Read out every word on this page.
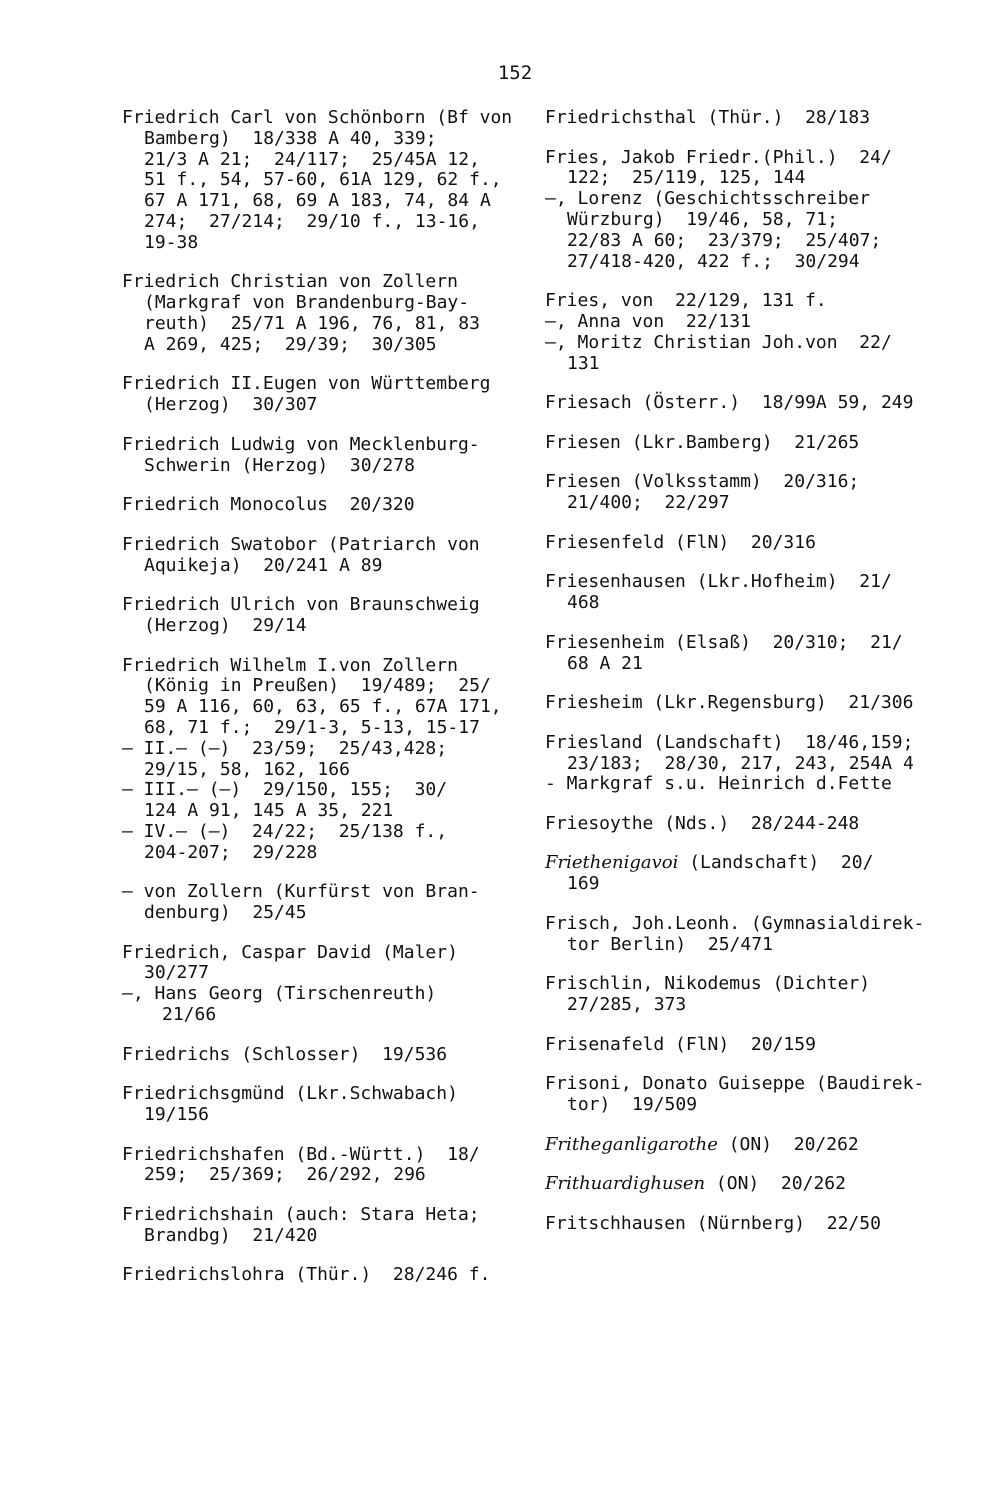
152
Friedrich Carl von Schönborn (Bf von
Bamberg)  18/338 A 40, 339;
21/3 A 21;  24/117;  25/45A 12,
51 f., 54, 57-60, 61A 129, 62 f.,
67 A 171, 68, 69 A 183, 74, 84 A
274;  27/214;  29/10 f., 13-16,
19-38
Friedrich Christian von Zollern
(Markgraf von Brandenburg-Bay-
reuth)  25/71 A 196, 76, 81, 83
A 269, 425;  29/39;  30/305
Friedrich II.Eugen von Württemberg
(Herzog)  30/307
Friedrich Ludwig von Mecklenburg-
Schwerin (Herzog)  30/278
Friedrich Monocolus  20/320
Friedrich Swatobor (Patriarch von
Aquikeja)  20/241 A 89
Friedrich Ulrich von Braunschweig
(Herzog)  29/14
Friedrich Wilhelm I.von Zollern
(König in Preußen)  19/489;  25/
59 A 116, 60, 63, 65 f., 67A 171,
68, 71 f.;  29/1-3, 5-13, 15-17
— II.— (—)  23/59;  25/43,428;
29/15, 58, 162, 166
— III.— (—)  29/150, 155;  30/
124 A 91, 145 A 35, 221
— IV.— (—)  24/22;  25/138 f.,
204-207;  29/228
— von Zollern (Kurfürst von Bran-
denburg)  25/45
Friedrich, Caspar David (Maler)
30/277
—, Hans Georg (Tirschenreuth)
21/66
Friedrichs (Schlosser)  19/536
Friedrichsgmünd (Lkr.Schwabach)
19/156
Friedrichshafen (Bd.-Württ.)  18/
259;  25/369;  26/292, 296
Friedrichshain (auch: Stara Heta;
Brandbg)  21/420
Friedrichslohra (Thür.)  28/246 f.
Friedrichsthal (Thür.)  28/183
Fries, Jakob Friedr.(Phil.)  24/
122;  25/119, 125, 144
—, Lorenz (Geschichtsschreiber
Würzburg)  19/46, 58, 71;
22/83 A 60;  23/379;  25/407;
27/418-420, 422 f.;  30/294
Fries, von  22/129, 131 f.
—, Anna von  22/131
—, Moritz Christian Joh.von  22/
131
Friesach (Österr.)  18/99A 59, 249
Friesen (Lkr.Bamberg)  21/265
Friesen (Volksstamm)  20/316;
21/400;  22/297
Friesenfeld (FlN)  20/316
Friesenhausen (Lkr.Hofheim)  21/
468
Friesenheim (Elsaß)  20/310;  21/
68 A 21
Friesheim (Lkr.Regensburg)  21/306
Friesland (Landschaft)  18/46,159;
23/183;  28/30, 217, 243, 254A 4
- Markgraf s.u. Heinrich d.Fette
Friesoythe (Nds.)  28/244-248
Friethenigavoi (Landschaft)  20/
169
Frisch, Joh.Leonh. (Gymnasialdirek-
tor Berlin)  25/471
Frischlin, Nikodemus (Dichter)
27/285, 373
Frisenafeld (FlN)  20/159
Frisoni, Donato Guiseppe (Baudirek-
tor)  19/509
Fritheganligarothe (ON)  20/262
Frithuardighusen (ON)  20/262
Fritschhausen (Nürnberg)  22/50
